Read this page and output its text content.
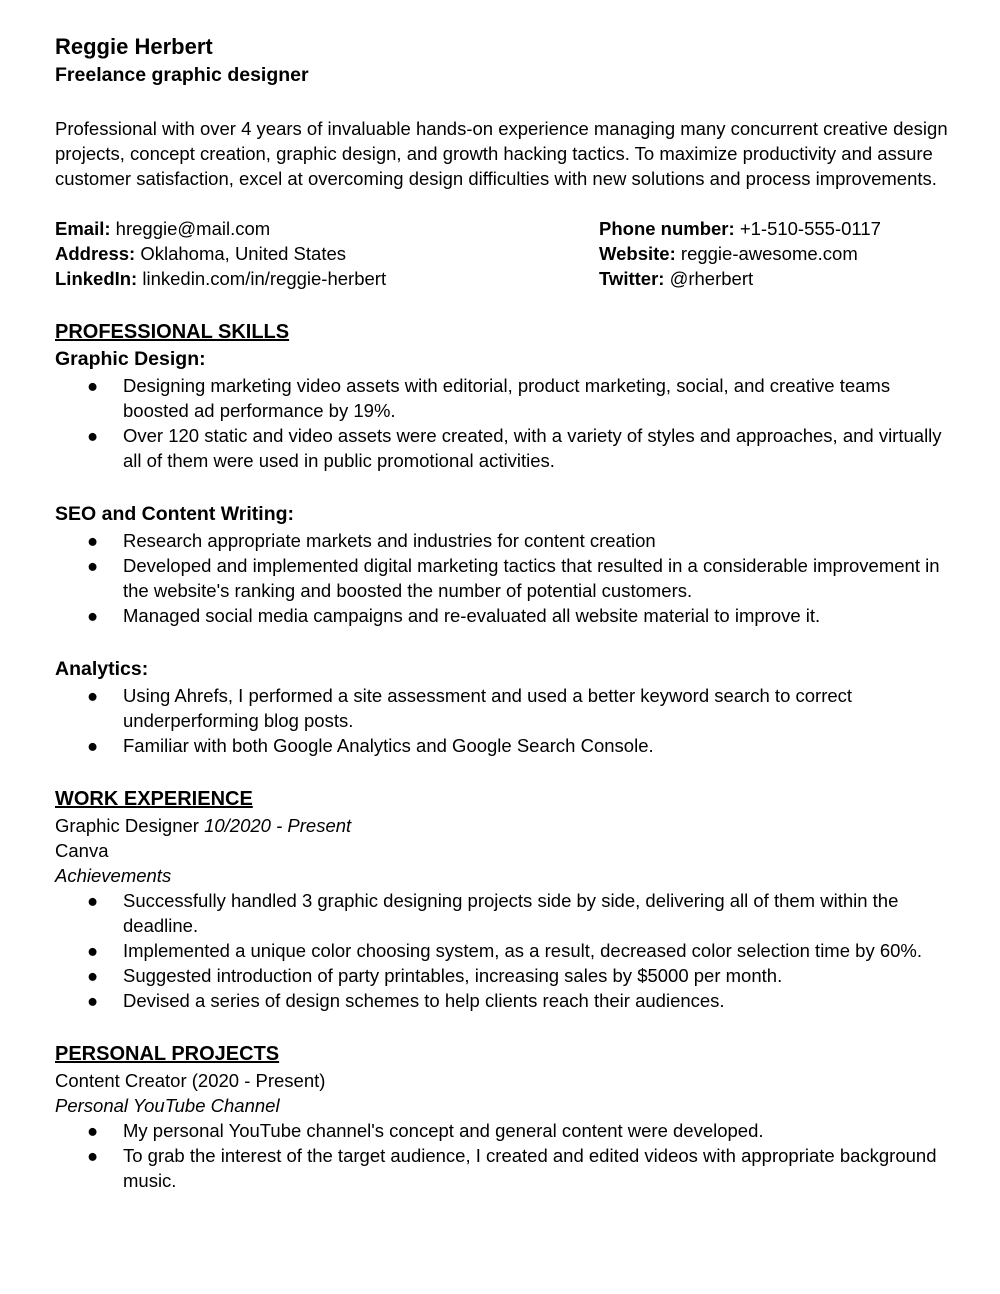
Reggie Herbert
Freelance graphic designer
Professional with over 4 years of invaluable hands-on experience managing many concurrent creative design projects, concept creation, graphic design, and growth hacking tactics. To maximize productivity and assure customer satisfaction, excel at overcoming design difficulties with new solutions and process improvements.
Email: hreggie@mail.com
Address: Oklahoma, United States
LinkedIn: linkedin.com/in/reggie-herbert
Phone number: +1-510-555-0117
Website: reggie-awesome.com
Twitter: @rherbert
PROFESSIONAL SKILLS
Graphic Design:
● Designing marketing video assets with editorial, product marketing, social, and creative teams boosted ad performance by 19%.
● Over 120 static and video assets were created, with a variety of styles and approaches, and virtually all of them were used in public promotional activities.
SEO and Content Writing:
● Research appropriate markets and industries for content creation
● Developed and implemented digital marketing tactics that resulted in a considerable improvement in the website's ranking and boosted the number of potential customers.
● Managed social media campaigns and re-evaluated all website material to improve it.
Analytics:
● Using Ahrefs, I performed a site assessment and used a better keyword search to correct underperforming blog posts.
● Familiar with both Google Analytics and Google Search Console.
WORK EXPERIENCE
Graphic Designer 10/2020 - Present
Canva
Achievements
● Successfully handled 3 graphic designing projects side by side, delivering all of them within the deadline.
● Implemented a unique color choosing system, as a result, decreased color selection time by 60%.
● Suggested introduction of party printables, increasing sales by $5000 per month.
● Devised a series of design schemes to help clients reach their audiences.
PERSONAL PROJECTS
Content Creator (2020 - Present)
Personal YouTube Channel
● My personal YouTube channel's concept and general content were developed.
● To grab the interest of the target audience, I created and edited videos with appropriate background music.
